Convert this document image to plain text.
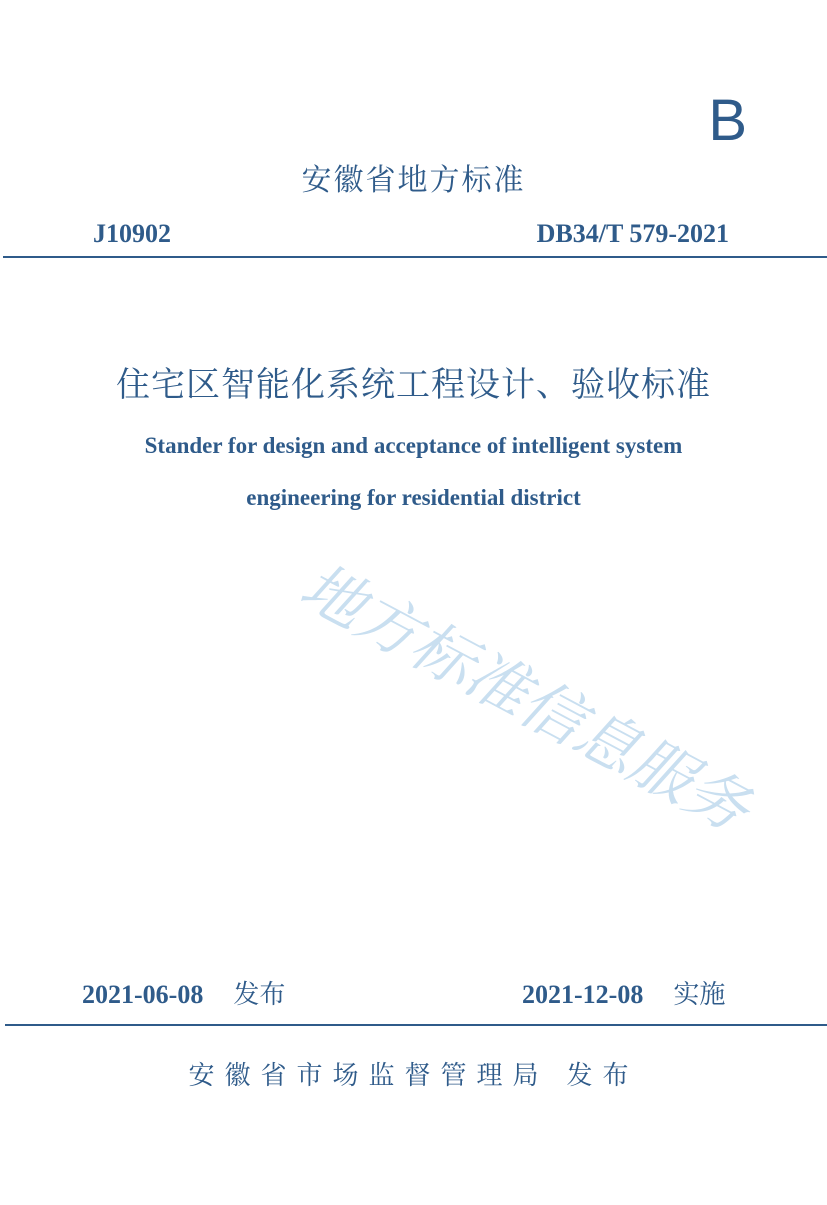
B
安徽省地方标准
J10902	DB34/T 579-2021
住宅区智能化系统工程设计、验收标准
Stander for design and acceptance of intelligent system
engineering for residential district
地方标准信息服务
2021-06-08 发布	2021-12-08 实施
安徽省市场监督管理局 发布
